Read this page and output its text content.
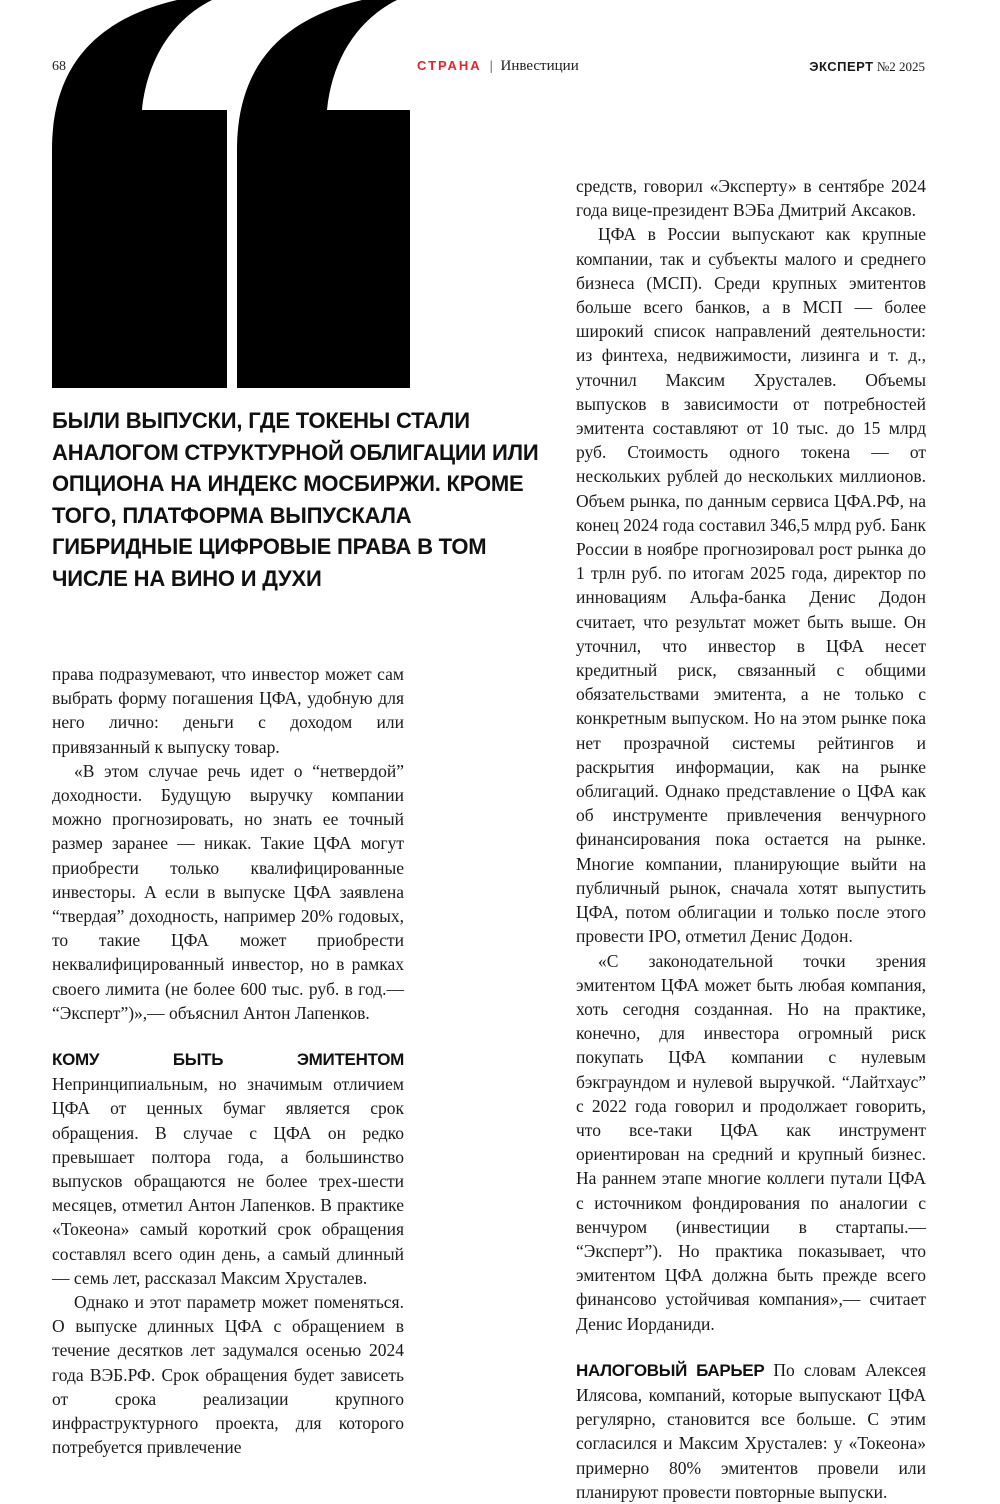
68	СТРАНА | Инвестиции	ЭКСПЕРТ №2 2025
БЫЛИ ВЫПУСКИ, ГДЕ ТОКЕНЫ СТАЛИ АНАЛОГОМ СТРУКТУРНОЙ ОБЛИГАЦИИ ИЛИ ОПЦИОНА НА ИНДЕКС МОСБИРЖИ. КРОМЕ ТОГО, ПЛАТФОРМА ВЫПУСКАЛА ГИБРИДНЫЕ ЦИФРОВЫЕ ПРАВА В ТОМ ЧИСЛЕ НА ВИНО И ДУХИ

права подразумевают, что инвестор может сам выбрать форму погашения ЦФА, удобную для него лично: деньги с доходом или привязанный к выпуску товар.

«В этом случае речь идет о “нетвердой” доходности. Будущую выручку компании можно прогнозировать, но знать ее точный размер заранее — никак. Такие ЦФА могут приобрести только квалифицированные инвесторы. А если в выпуске ЦФА заявлена “твердая” доходность, например 20% годовых, то такие ЦФА может приобрести неквалифицированный инвестор, но в рамках своего лимита (не более 600 тыс. руб. в год.— “Эксперт”)»,— объяснил Антон Лапенков.

КОМУ БЫТЬ ЭМИТЕНТОМ Непринципиальным, но значимым отличием ЦФА от ценных бумаг является срок обращения. В случае с ЦФА он редко превышает полтора года, а большинство выпусков обращаются не более трех-шести месяцев, отметил Антон Лапенков. В практике «Токеона» самый короткий срок обращения составлял всего один день, а самый длинный — семь лет, рассказал Максим Хрусталев.

Однако и этот параметр может поменяться. О выпуске длинных ЦФА с обращением в течение десятков лет задумался осенью 2024 года ВЭБ.РФ. Срок обращения будет зависеть от срока реализации крупного инфраструктурного проекта, для которого потребуется привлечение

средств, говорил «Эксперту» в сентябре 2024 года вице-президент ВЭБа Дмитрий Аксаков.

ЦФА в России выпускают как крупные компании, так и субъекты малого и среднего бизнеса (МСП). Среди крупных эмитентов больше всего банков, а в МСП — более широкий список направлений деятельности: из финтеха, недвижимости, лизинга и т. д., уточнил Максим Хрусталев. Объемы выпусков в зависимости от потребностей эмитента составляют от 10 тыс. до 15 млрд руб. Стоимость одного токена — от нескольких рублей до нескольких миллионов. Объем рынка, по данным сервиса ЦФА.РФ, на конец 2024 года составил 346,5 млрд руб. Банк России в ноябре прогнозировал рост рынка до 1 трлн руб. по итогам 2025 года, директор по инновациям Альфа-банка Денис Додон считает, что результат может быть выше. Он уточнил, что инвестор в ЦФА несет кредитный риск, связанный с общими обязательствами эмитента, а не только с конкретным выпуском. Но на этом рынке пока нет прозрачной системы рейтингов и раскрытия информации, как на рынке облигаций. Однако представление о ЦФА как об инструменте привлечения венчурного финансирования пока остается на рынке. Многие компании, планирующие выйти на публичный рынок, сначала хотят выпустить ЦФА, потом облигации и только после этого провести IPO, отметил Денис Додон.

«С законодательной точки зрения эмитентом ЦФА может быть любая компания, хоть сегодня созданная. Но на практике, конечно, для инвестора огромный риск покупать ЦФА компании с нулевым бэкграундом и нулевой выручкой. “Лайтхаус” с 2022 года говорил и продолжает говорить, что все-таки ЦФА как инструмент ориентирован на средний и крупный бизнес. На раннем этапе многие коллеги путали ЦФА с источником фондирования по аналогии с венчуром (инвестиции в стартапы.— “Эксперт”). Но практика показывает, что эмитентом ЦФА должна быть прежде всего финансово устойчивая компания»,— считает Денис Иорданиди.

НАЛОГОВЫЙ БАРЬЕР По словам Алексея Илясова, компаний, которые выпускают ЦФА регулярно, становится все больше. С этим согласился и Максим Хрусталев: у «Токеона» примерно 80% эмитентов провели или планируют провести повторные выпуски.
